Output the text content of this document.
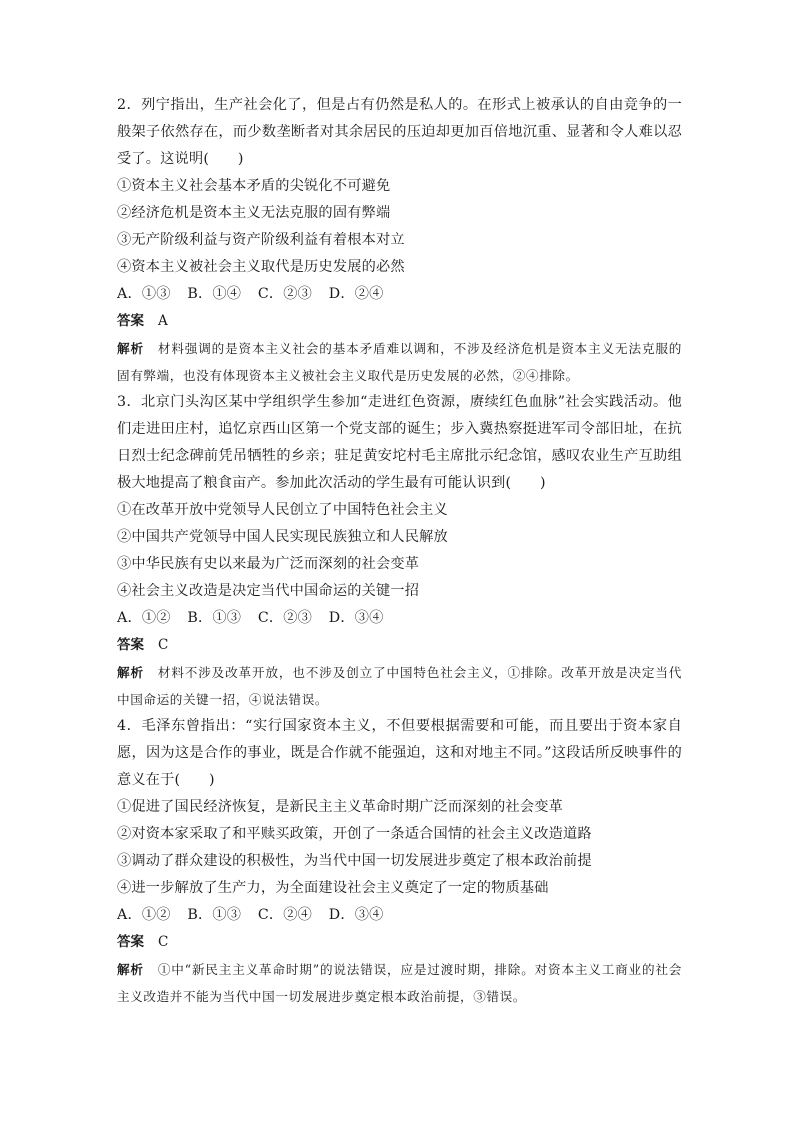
2．列宁指出，生产社会化了，但是占有仍然是私人的。在形式上被承认的自由竞争的一般架子依然存在，而少数垄断者对其余居民的压迫却更加百倍地沉重、显著和令人难以忍受了。这说明(　　)
①资本主义社会基本矛盾的尖锐化不可避免
②经济危机是资本主义无法克服的固有弊端
③无产阶级利益与资产阶级利益有着根本对立
④资本主义被社会主义取代是历史发展的必然
A．①③ B．①④ C．②③ D．②④
答案 A
解析 材料强调的是资本主义社会的基本矛盾难以调和，不涉及经济危机是资本主义无法克服的固有弊端，也没有体现资本主义被社会主义取代是历史发展的必然，②④排除。
3．北京门头沟区某中学组织学生参加“走进红色资源，赓续红色血脉”社会实践活动。他们走进田庄村，追忆京西山区第一个党支部的诞生；步入冀热察挺进军司令部旧址，在抗日烈士纪念碑前凭吊牺牲的乡亲；驻足黄安坨村毛主席批示纪念馆，感叹农业生产互助组极大地提高了粮食亩产。参加此次活动的学生最有可能认识到(　　)
①在改革开放中党领导人民创立了中国特色社会主义
②中国共产党领导中国人民实现民族独立和人民解放
③中华民族有史以来最为广泛而深刻的社会变革
④社会主义改造是决定当代中国命运的关键一招
A．①② B．①③ C．②③ D．③④
答案 C
解析 材料不涉及改革开放，也不涉及创立了中国特色社会主义，①排除。改革开放是决定当代中国命运的关键一招，④说法错误。
4．毛泽东曾指出：“实行国家资本主义，不但要根据需要和可能，而且要出于资本家自愿，因为这是合作的事业，既是合作就不能强迫，这和对地主不同。”这段话所反映事件的意义在于(　　)
①促进了国民经济恢复，是新民主主义革命时期广泛而深刻的社会变革
②对资本家采取了和平赎买政策，开创了一条适合国情的社会主义改造道路
③调动了群众建设的积极性，为当代中国一切发展进步奠定了根本政治前提
④进一步解放了生产力，为全面建设社会主义奠定了一定的物质基础
A．①② B．①③ C．②④ D．③④
答案 C
解析 ①中“新民主主义革命时期”的说法错误，应是过渡时期，排除。对资本主义工商业的社会主义改造并不能为当代中国一切发展进步奠定根本政治前提，③错误。
